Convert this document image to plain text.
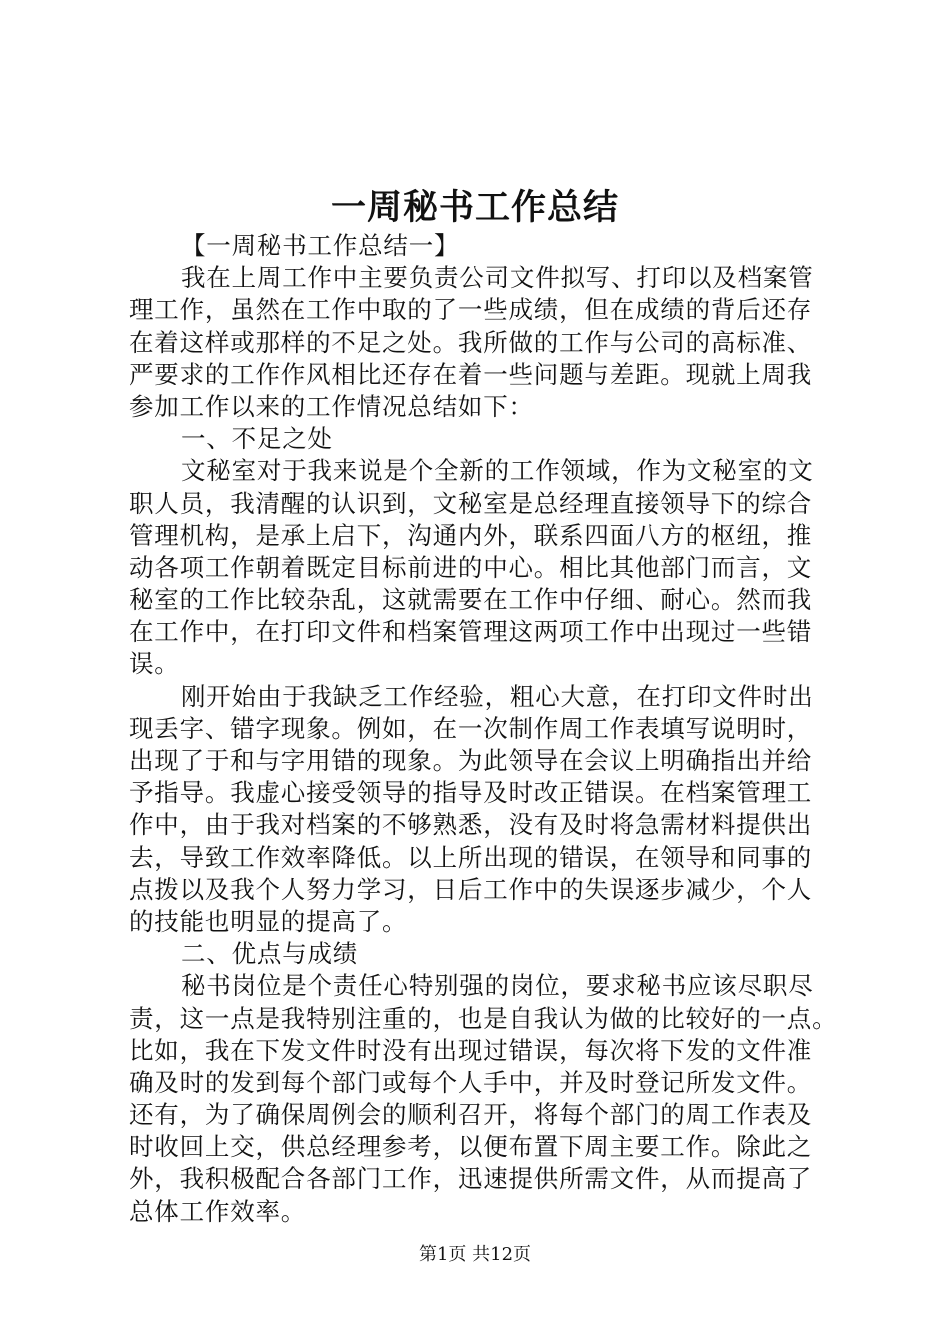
一周秘书工作总结
【一周秘书工作总结一】
我在上周工作中主要负责公司文件拟写、打印以及档案管
理工作，虽然在工作中取的了一些成绩，但在成绩的背后还存
在着这样或那样的不足之处。我所做的工作与公司的高标准、
严要求的工作作风相比还存在着一些问题与差距。现就上周我
参加工作以来的工作情况总结如下：
一、不足之处
文秘室对于我来说是个全新的工作领域，作为文秘室的文
职人员，我清醒的认识到，文秘室是总经理直接领导下的综合
管理机构，是承上启下，沟通内外，联系四面八方的枢纽，推
动各项工作朝着既定目标前进的中心。相比其他部门而言，文
秘室的工作比较杂乱，这就需要在工作中仔细、耐心。然而我
在工作中，在打印文件和档案管理这两项工作中出现过一些错
误。
刚开始由于我缺乏工作经验，粗心大意，在打印文件时出
现丢字、错字现象。例如，在一次制作周工作表填写说明时，
出现了于和与字用错的现象。为此领导在会议上明确指出并给
予指导。我虚心接受领导的指导及时改正错误。在档案管理工
作中，由于我对档案的不够熟悉，没有及时将急需材料提供出
去，导致工作效率降低。以上所出现的错误，在领导和同事的
点拨以及我个人努力学习，日后工作中的失误逐步减少，个人
的技能也明显的提高了。
二、优点与成绩
秘书岗位是个责任心特别强的岗位，要求秘书应该尽职尽
责，这一点是我特别注重的，也是自我认为做的比较好的一点。
比如，我在下发文件时没有出现过错误，每次将下发的文件准
确及时的发到每个部门或每个人手中，并及时登记所发文件。
还有，为了确保周例会的顺利召开，将每个部门的周工作表及
时收回上交，供总经理参考，以便布置下周主要工作。除此之
外，我积极配合各部门工作，迅速提供所需文件，从而提高了
总体工作效率。
第1页 共12页
